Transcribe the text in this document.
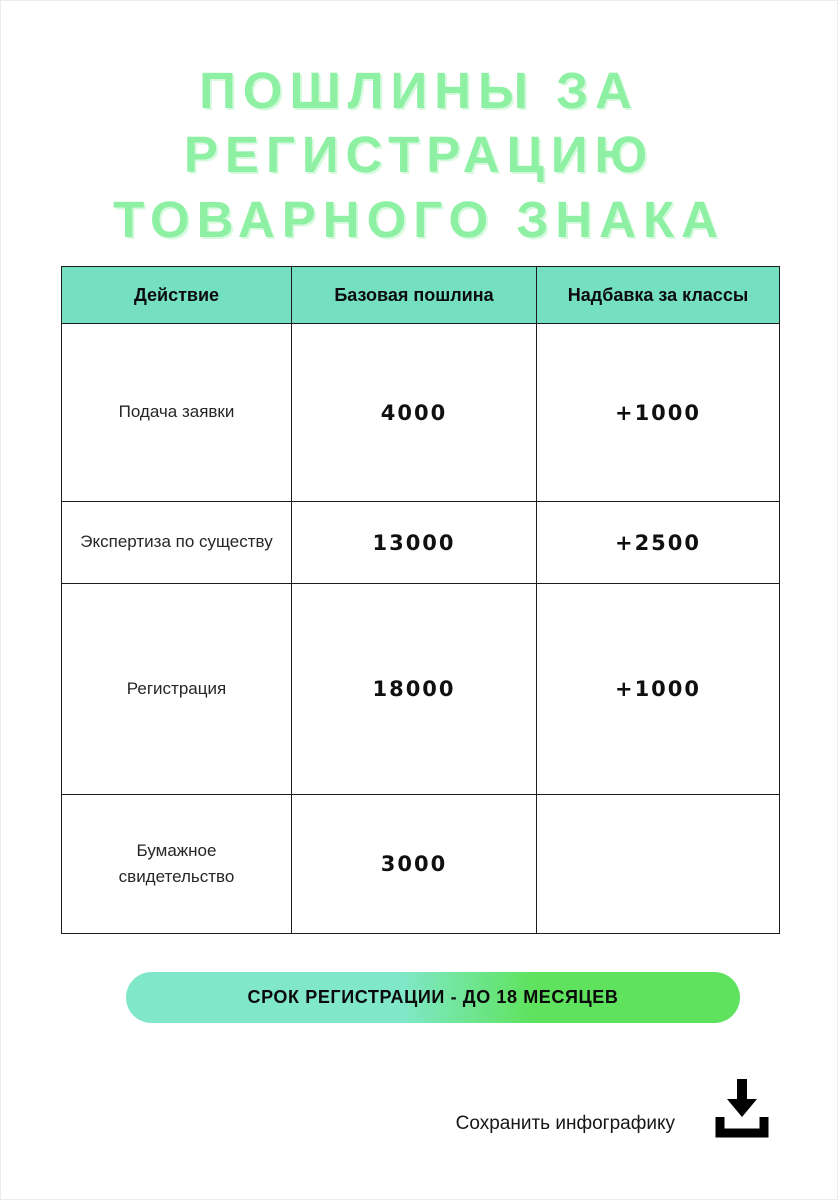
ПОШЛИНЫ ЗА
РЕГИСТРАЦИЮ
ТОВАРНОГО ЗНАКА
Действие	Базовая пошлина	Надбавка за классы
Подача заявки	4000	+1000
Экспертиза по существу	13000	+2500
Регистрация	18000	+1000
Бумажное свидетельство	3000	
СРОК РЕГИСТРАЦИИ - ДО 18 МЕСЯЦЕВ
Сохранить инфографику
